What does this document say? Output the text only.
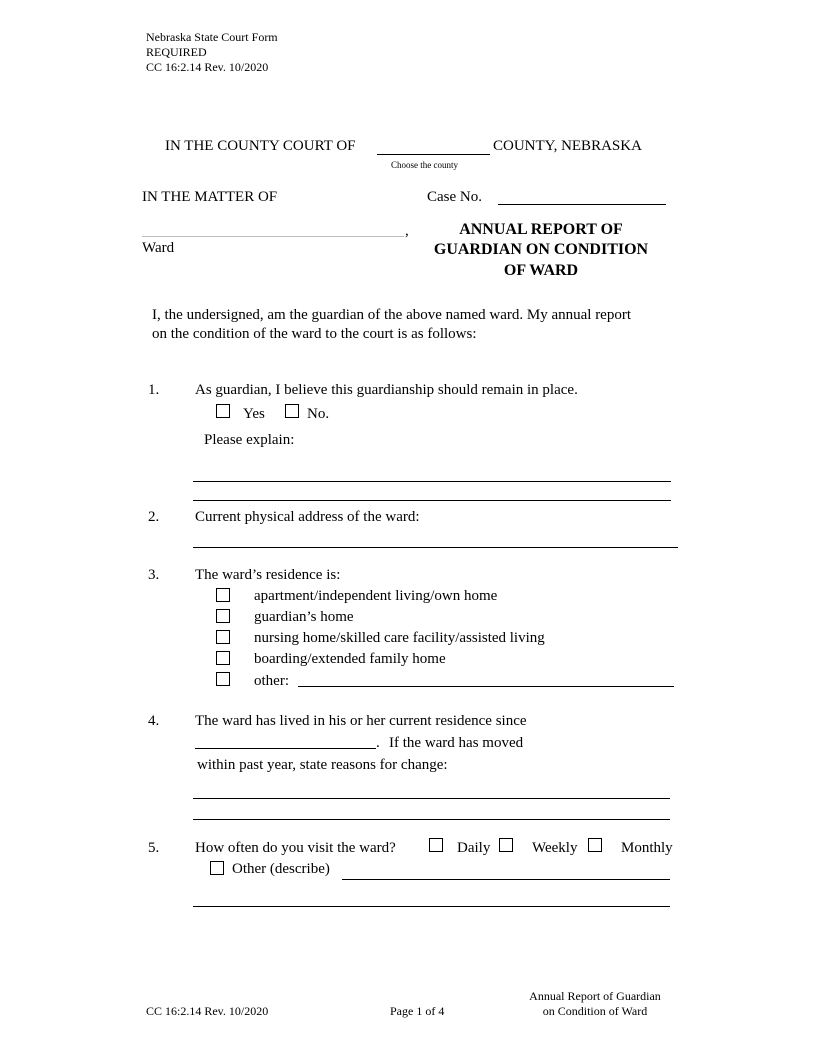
Nebraska State Court Form
REQUIRED
CC 16:2.14 Rev. 10/2020
IN THE COUNTY COURT OF	COUNTY, NEBRASKA
Choose the county
IN THE MATTER OF	Case No.
,
Ward
ANNUAL REPORT OF
GUARDIAN ON CONDITION
OF WARD
I, the undersigned, am the guardian of the above named ward. My annual report
on the condition of the ward to the court is as follows:
1. As guardian, I believe this guardianship should remain in place.
Yes	No.
Please explain:
2. Current physical address of the ward:
3. The ward’s residence is:
apartment/independent living/own home
guardian’s home
nursing home/skilled care facility/assisted living
boarding/extended family home
other:
4. The ward has lived in his or her current residence since
. If the ward has moved
within past year, state reasons for change:
5. How often do you visit the ward?	Daily	Weekly	Monthly
Other (describe)
CC 16:2.14 Rev. 10/2020	Page 1 of 4
Annual Report of Guardian
on Condition of Ward
